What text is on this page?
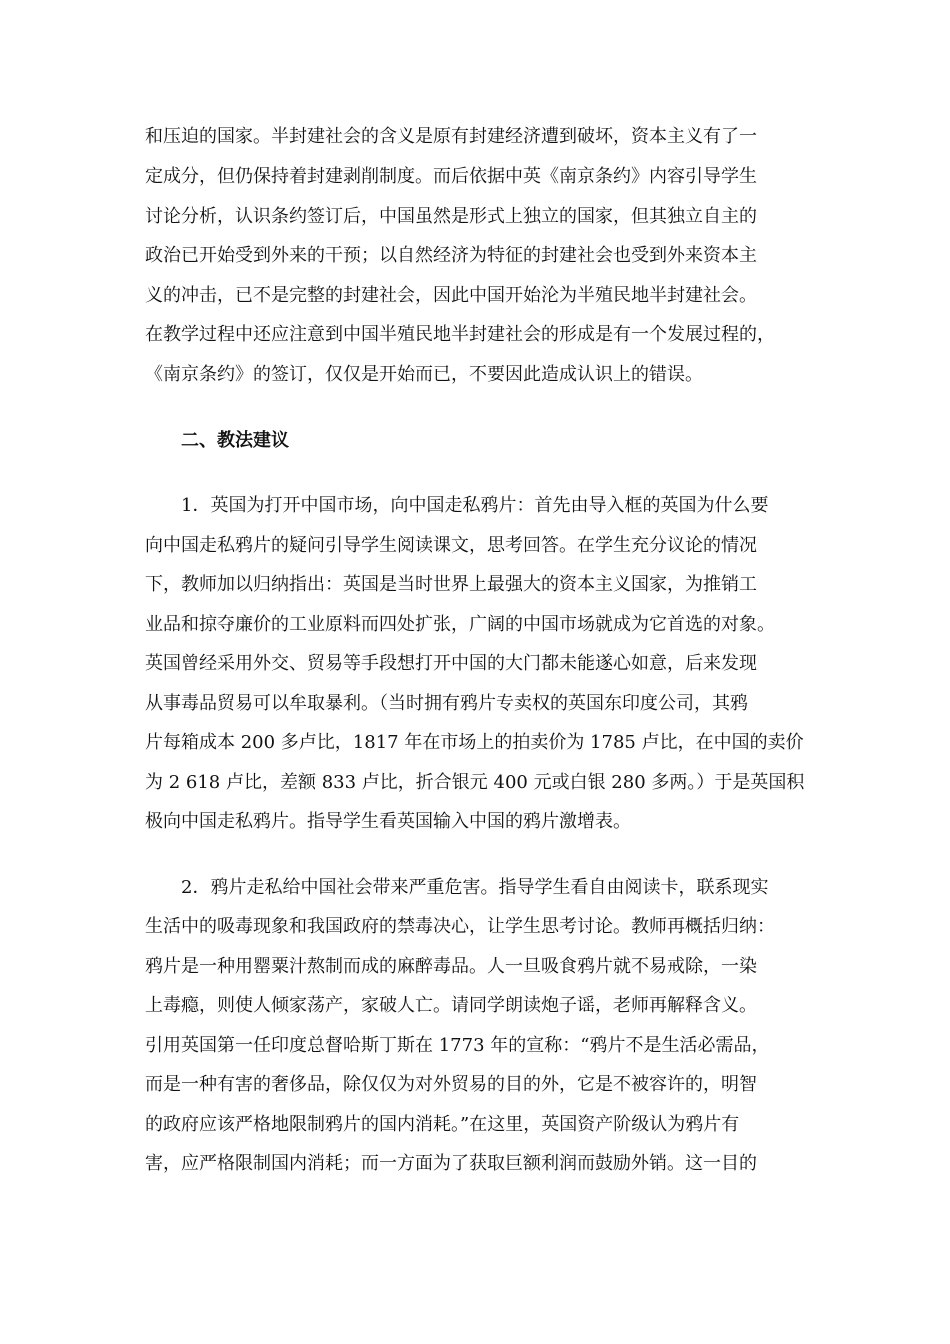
和压迫的国家。半封建社会的含义是原有封建经济遭到破坏，资本主义有了一
定成分，但仍保持着封建剥削制度。而后依据中英《南京条约》内容引导学生
讨论分析，认识条约签订后，中国虽然是形式上独立的国家，但其独立自主的
政治已开始受到外来的干预；以自然经济为特征的封建社会也受到外来资本主
义的冲击，已不是完整的封建社会，因此中国开始沦为半殖民地半封建社会。
在教学过程中还应注意到中国半殖民地半封建社会的形成是有一个发展过程的，
《南京条约》的签订，仅仅是开始而已，不要因此造成认识上的错误。
二、教法建议
1．英国为打开中国市场，向中国走私鸦片：首先由导入框的英国为什么要
向中国走私鸦片的疑问引导学生阅读课文，思考回答。在学生充分议论的情况
下，教师加以归纳指出：英国是当时世界上最强大的资本主义国家，为推销工
业品和掠夺廉价的工业原料而四处扩张，广阔的中国市场就成为它首选的对象。
英国曾经采用外交、贸易等手段想打开中国的大门都未能遂心如意，后来发现
从事毒品贸易可以牟取暴利。（当时拥有鸦片专卖权的英国东印度公司，其鸦
片每箱成本 200 多卢比，1817 年在市场上的拍卖价为 1785 卢比，在中国的卖价
为 2 618 卢比，差额 833 卢比，折合银元 400 元或白银 280 多两。）于是英国积
极向中国走私鸦片。指导学生看英国输入中国的鸦片激增表。
2．鸦片走私给中国社会带来严重危害。指导学生看自由阅读卡，联系现实
生活中的吸毒现象和我国政府的禁毒决心，让学生思考讨论。教师再概括归纳：
鸦片是一种用罂粟汁熬制而成的麻醉毒品。人一旦吸食鸦片就不易戒除，一染
上毒瘾，则使人倾家荡产，家破人亡。请同学朗读炮子谣，老师再解释含义。
引用英国第一任印度总督哈斯丁斯在 1773 年的宣称：“鸦片不是生活必需品，
而是一种有害的奢侈品，除仅仅为对外贸易的目的外，它是不被容许的，明智
的政府应该严格地限制鸦片的国内消耗。”在这里，英国资产阶级认为鸦片有
害，应严格限制国内消耗；而一方面为了获取巨额利润而鼓励外销。这一目的
